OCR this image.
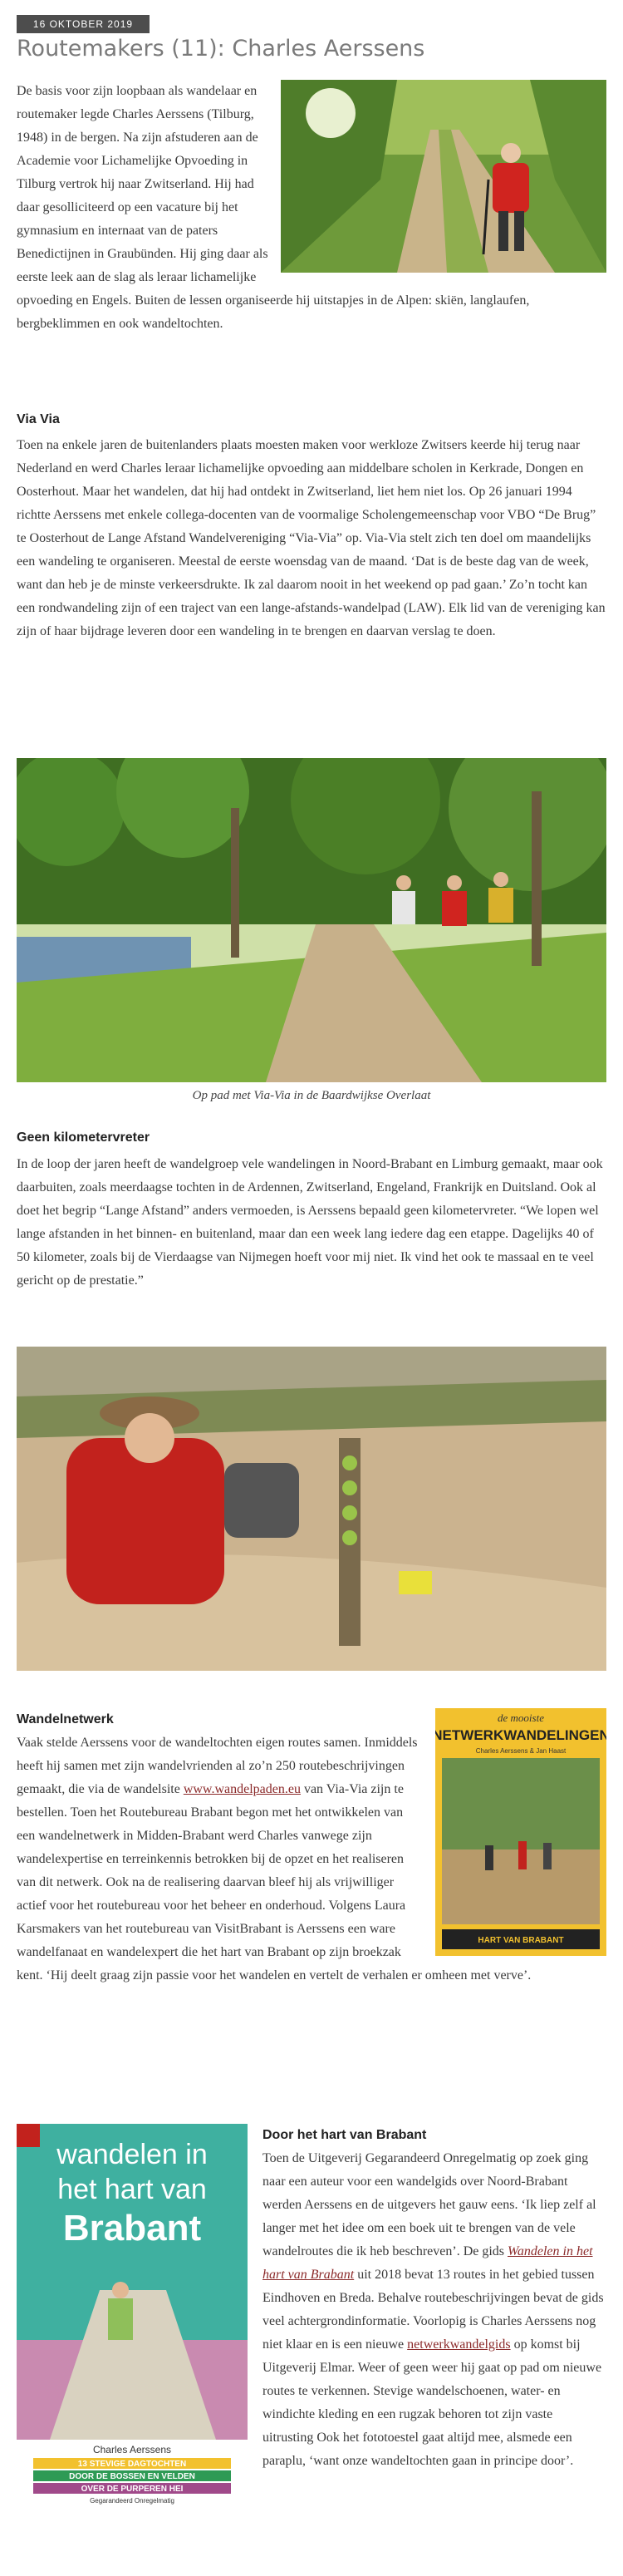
16 OKTOBER 2019
Routemakers (11): Charles Aerssens

De basis voor zijn loopbaan als wandelaar en routemaker legde Charles Aerssens (Tilburg, 1948) in de bergen. Na zijn afstuderen aan de Academie voor Lichamelijke Opvoeding in Tilburg vertrok hij naar Zwitserland. Hij had daar gesolliciteerd op een vacature bij het gymnasium en internaat van de paters Benedictijnen in Graubünden. Hij ging daar als eerste leek aan de slag als leraar lichamelijke opvoeding en Engels. Buiten de lessen organiseerde hij uitstapjes in de Alpen: skiën, langlaufen, bergbeklimmen en ook wandeltochten.

Via Via

Toen na enkele jaren de buitenlanders plaats moesten maken voor werkloze Zwitsers keerde hij terug naar Nederland en werd Charles leraar lichamelijke opvoeding aan middelbare scholen in Kerkrade, Dongen en Oosterhout. Maar het wandelen, dat hij had ontdekt in Zwitserland, liet hem niet los. Op 26 januari 1994 richtte Aerssens met enkele collega-docenten van de voormalige Scholengemeenschap voor VBO “De Brug” te Oosterhout de Lange Afstand Wandelvereniging “Via-Via” op. Via-Via stelt zich ten doel om maandelijks een wandeling te organiseren. Meestal de eerste woensdag van de maand. ‘Dat is de beste dag van de week, want dan heb je de minste verkeersdrukte. Ik zal daarom nooit in het weekend op pad gaan.’ Zo’n tocht kan een rondwandeling zijn of een traject van een lange-afstands-wandelpad (LAW). Elk lid van de vereniging kan zijn of haar bijdrage leveren door een wandeling in te brengen en daarvan verslag te doen.

Op pad met Via-Via in de Baardwijkse Overlaat
Geen kilometervreter

In de loop der jaren heeft de wandelgroep vele wandelingen in Noord-Brabant en Limburg gemaakt, maar ook daarbuiten, zoals meerdaagse tochten in de Ardennen, Zwitserland, Engeland, Frankrijk en Duitsland. Ook al doet het begrip “Lange Afstand” anders vermoeden, is Aerssens bepaald geen kilometervreter. “We lopen wel lange afstanden in het binnen- en buitenland, maar dan een week lang iedere dag een etappe. Dagelijks 40 of 50 kilometer, zoals bij de Vierdaagse van Nijmegen hoeft voor mij niet. Ik vind het ook te massaal en te veel gericht op de prestatie.”

de mooiste
NETWERKWANDELINGEN
Charles Aerssens & Jan Haast
HART VAN BRABANT
Wandelnetwerk

Vaak stelde Aerssens voor de wandeltochten eigen routes samen. Inmiddels heeft hij samen met zijn wandelvrienden al zo’n 250 routebeschrijvingen gemaakt, die via de wandelsite www.wandelpaden.eu van Via-Via zijn te bestellen. Toen het Routebureau Brabant begon met het ontwikkelen van een wandelnetwerk in Midden-Brabant werd Charles vanwege zijn wandelexpertise en terreinkennis betrokken bij de opzet en het realiseren van dit netwerk. Ook na de realisering daarvan bleef hij als vrijwilliger actief voor het routebureau voor het beheer en onderhoud. Volgens Laura Karsmakers van het routebureau van VisitBrabant is Aerssens een ware wandelfanaat en wandelexpert die het hart van Brabant op zijn broekzak kent. ‘Hij deelt graag zijn passie voor het wandelen en vertelt de verhalen er omheen met verve’.

wandelen in
het hart van
Brabant
Charles Aerssens
13 STEVIGE DAGTOCHTEN
DOOR DE BOSSEN EN VELDEN
OVER DE PURPEREN HEI
Gegarandeerd Onregelmatig
Door het hart van Brabant

Toen de Uitgeverij Gegarandeerd Onregelmatig op zoek ging naar een auteur voor een wandelgids over Noord-Brabant werden Aerssens en de uitgevers het gauw eens. ‘Ik liep zelf al langer met het idee om een boek uit te brengen van de vele wandelroutes die ik heb beschreven’. De gids Wandelen in het hart van Brabant uit 2018 bevat 13 routes in het gebied tussen Eindhoven en Breda. Behalve routebeschrijvingen bevat de gids veel achtergrondinformatie. Voorlopig is Charles Aerssens nog niet klaar en is een nieuwe netwerkwandelgids op komst bij Uitgeverij Elmar. Weer of geen weer hij gaat op pad om nieuwe routes te verkennen. Stevige wandelschoenen, water- en windichte kleding en een rugzak behoren tot zijn vaste uitrusting Ook het fototoestel gaat altijd mee, alsmede een paraplu, ‘want onze wandeltochten gaan in principe door’.
